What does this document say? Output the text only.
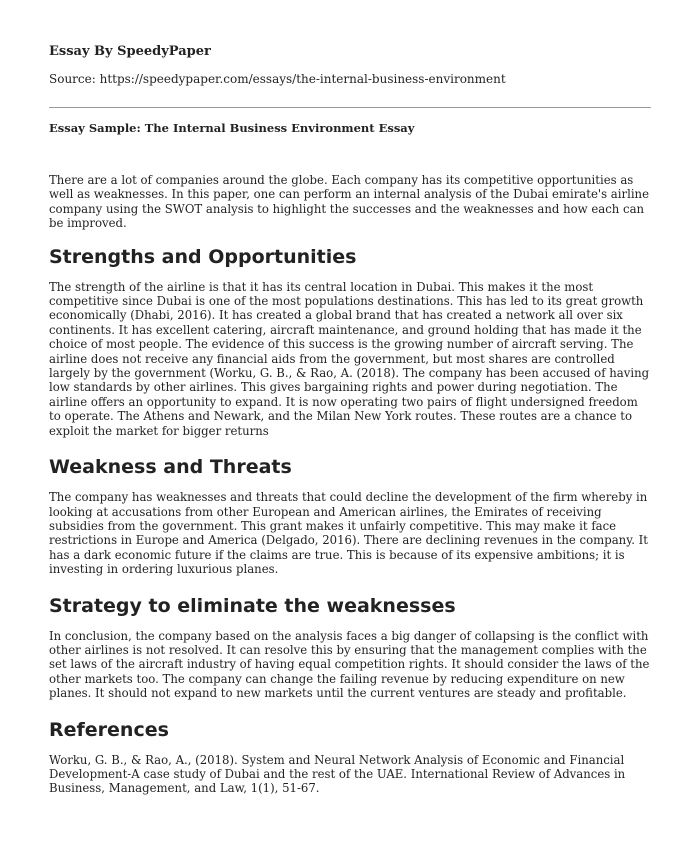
Essay By SpeedyPaper
Source: https://speedypaper.com/essays/the-internal-business-environment
Essay Sample: The Internal Business Environment Essay

There are a lot of companies around the globe. Each company has its competitive opportunities as well as weaknesses. In this paper, one can perform an internal analysis of the Dubai emirate's airline company using the SWOT analysis to highlight the successes and the weaknesses and how each can be improved.

Strengths and Opportunities

The strength of the airline is that it has its central location in Dubai. This makes it the most competitive since Dubai is one of the most populations destinations. This has led to its great growth economically (Dhabi, 2016). It has created a global brand that has created a network all over six continents. It has excellent catering, aircraft maintenance, and ground holding that has made it the choice of most people. The evidence of this success is the growing number of aircraft serving. The airline does not receive any financial aids from the government, but most shares are controlled largely by the government (Worku, G. B., & Rao, A. (2018). The company has been accused of having low standards by other airlines. This gives bargaining rights and power during negotiation. The airline offers an opportunity to expand. It is now operating two pairs of flight undersigned freedom to operate. The Athens and Newark, and the Milan New York routes. These routes are a chance to exploit the market for bigger returns

Weakness and Threats

The company has weaknesses and threats that could decline the development of the firm whereby in looking at accusations from other European and American airlines, the Emirates of receiving subsidies from the government. This grant makes it unfairly competitive. This may make it face restrictions in Europe and America (Delgado, 2016). There are declining revenues in the company. It has a dark economic future if the claims are true. This is because of its expensive ambitions; it is investing in ordering luxurious planes.

Strategy to eliminate the weaknesses

In conclusion, the company based on the analysis faces a big danger of collapsing is the conflict with other airlines is not resolved. It can resolve this by ensuring that the management complies with the set laws of the aircraft industry of having equal competition rights. It should consider the laws of the other markets too. The company can change the failing revenue by reducing expenditure on new planes. It should not expand to new markets until the current ventures are steady and profitable.

References

Worku, G. B., & Rao, A., (2018). System and Neural Network Analysis of Economic and Financial Development-A case study of Dubai and the rest of the UAE. International Review of Advances in Business, Management, and Law, 1(1), 51-67.
